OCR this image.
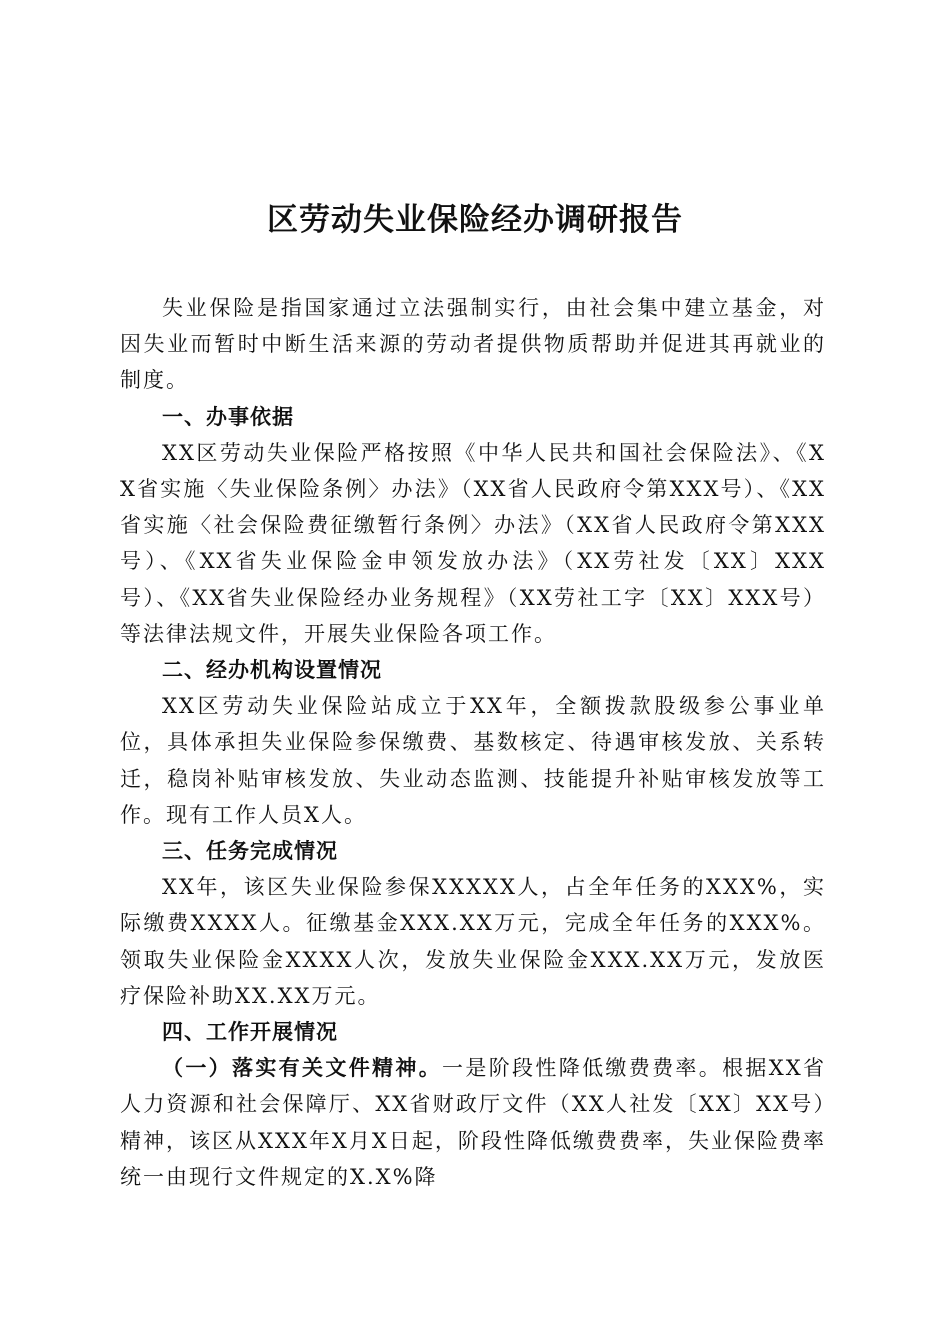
区劳动失业保险经办调研报告

失业保险是指国家通过立法强制实行，由社会集中建立基金，对因失业而暂时中断生活来源的劳动者提供物质帮助并促进其再就业的制度。

一、办事依据

XX区劳动失业保险严格按照《中华人民共和国社会保险法》、《XX省实施〈失业保险条例〉办法》（XX省人民政府令第XXX号）、《XX省实施〈社会保险费征缴暂行条例〉办法》（XX省人民政府令第XXX号）、《XX省失业保险金申领发放办法》（XX劳社发〔XX〕XXX号）、《XX省失业保险经办业务规程》（XX劳社工字〔XX〕XXX号）等法律法规文件，开展失业保险各项工作。

二、经办机构设置情况

XX区劳动失业保险站成立于XX年，全额拨款股级参公事业单位，具体承担失业保险参保缴费、基数核定、待遇审核发放、关系转迁，稳岗补贴审核发放、失业动态监测、技能提升补贴审核发放等工作。现有工作人员X人。

三、任务完成情况

XX年，该区失业保险参保XXXXX人，占全年任务的XXX%，实际缴费XXXX人。征缴基金XXX.XX万元，完成全年任务的XXX%。领取失业保险金XXXX人次，发放失业保险金XXX.XX万元，发放医疗保险补助XX.XX万元。

四、工作开展情况

（一）落实有关文件精神。一是阶段性降低缴费费率。根据XX省人力资源和社会保障厅、XX省财政厅文件（XX人社发〔XX〕XX号）精神，该区从XXX年X月X日起，阶段性降低缴费费率，失业保险费率统一由现行文件规定的X.X%降
